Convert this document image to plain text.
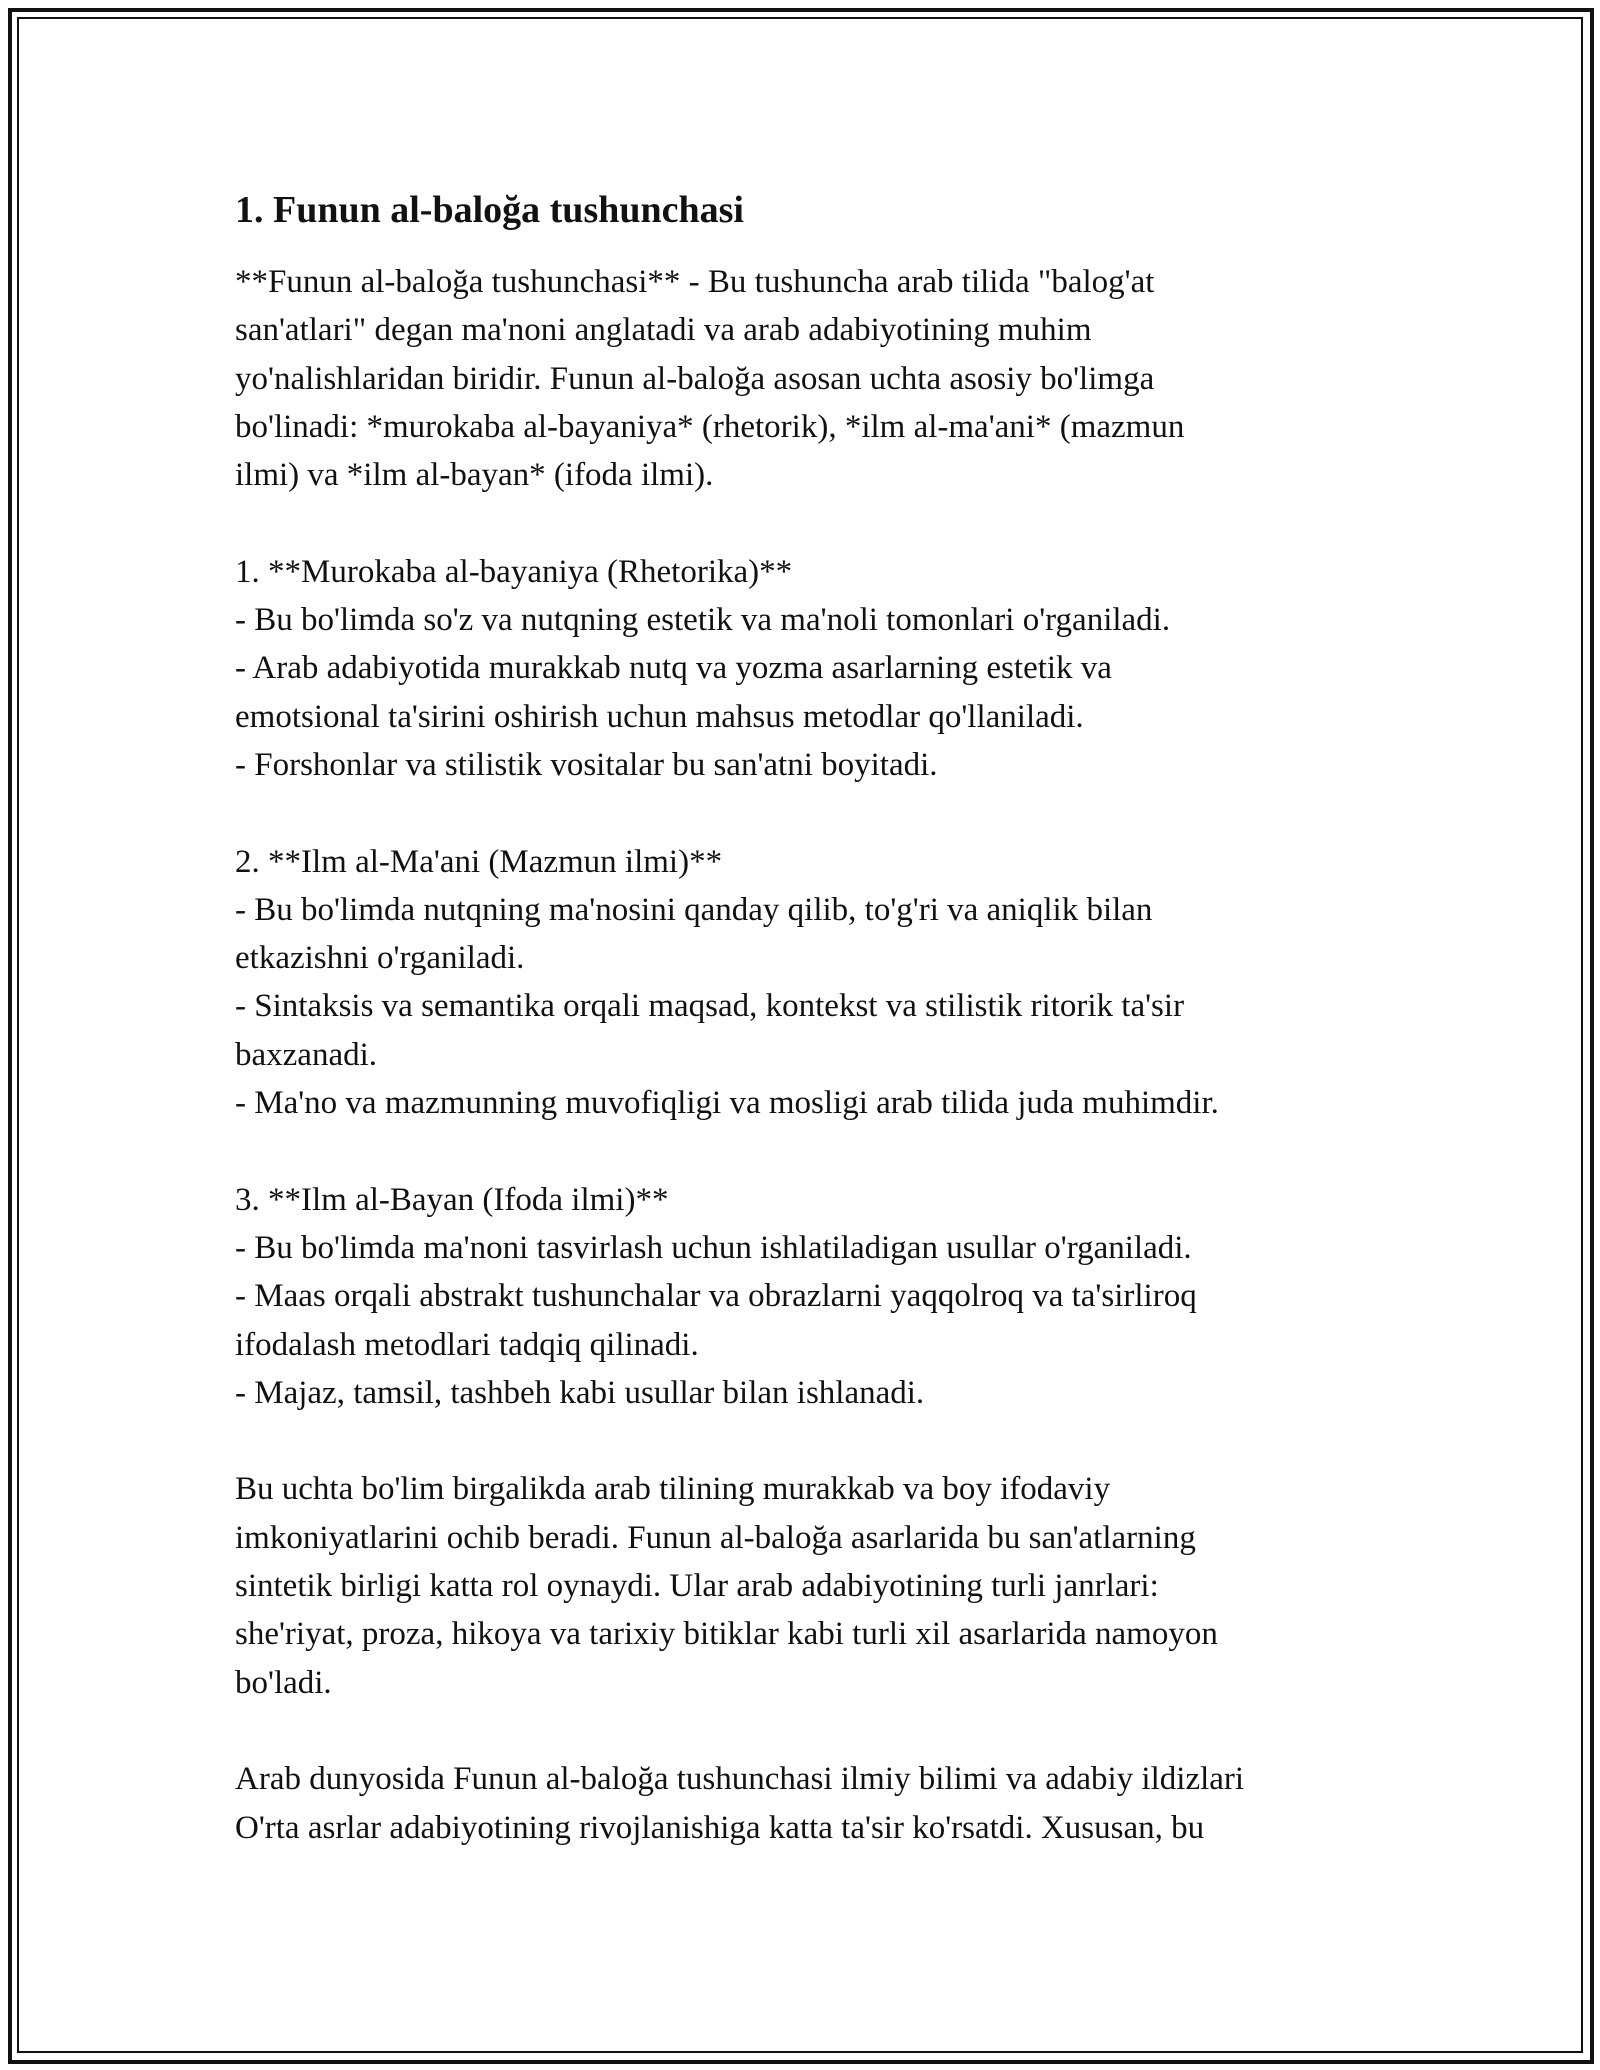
1. Funun al-baloğa tushunchasi

**Funun al-baloğa tushunchasi** - Bu tushuncha arab tilida "balog'at
san'atlari" degan ma'noni anglatadi va arab adabiyotining muhim
yo'nalishlaridan biridir. Funun al-baloğa asosan uchta asosiy bo'limga
bo'linadi: *murokaba al-bayaniya* (rhetorik), *ilm al-ma'ani* (mazmun
ilmi) va *ilm al-bayan* (ifoda ilmi).

1. **Murokaba al-bayaniya (Rhetorika)**
- Bu bo'limda so'z va nutqning estetik va ma'noli tomonlari o'rganiladi.
- Arab adabiyotida murakkab nutq va yozma asarlarning estetik va
emotsional ta'sirini oshirish uchun mahsus metodlar qo'llaniladi.
- Forshonlar va stilistik vositalar bu san'atni boyitadi.

2. **Ilm al-Ma'ani (Mazmun ilmi)**
- Bu bo'limda nutqning ma'nosini qanday qilib, to'g'ri va aniqlik bilan
etkazishni o'rganiladi.
- Sintaksis va semantika orqali maqsad, kontekst va stilistik ritorik ta'sir
baxzanadi.
- Ma'no va mazmunning muvofiqligi va mosligi arab tilida juda muhimdir.

3. **Ilm al-Bayan (Ifoda ilmi)**
- Bu bo'limda ma'noni tasvirlash uchun ishlatiladigan usullar o'rganiladi.
- Maas orqali abstrakt tushunchalar va obrazlarni yaqqolroq va ta'sirliroq
ifodalash metodlari tadqiq qilinadi.
- Majaz, tamsil, tashbeh kabi usullar bilan ishlanadi.

Bu uchta bo'lim birgalikda arab tilining murakkab va boy ifodaviy
imkoniyatlarini ochib beradi. Funun al-baloğa asarlarida bu san'atlarning
sintetik birligi katta rol oynaydi. Ular arab adabiyotining turli janrlari:
she'riyat, proza, hikoya va tarixiy bitiklar kabi turli xil asarlarida namoyon
bo'ladi.

Arab dunyosida Funun al-baloğa tushunchasi ilmiy bilimi va adabiy ildizlari
O'rta asrlar adabiyotining rivojlanishiga katta ta'sir ko'rsatdi. Xususan, bu
